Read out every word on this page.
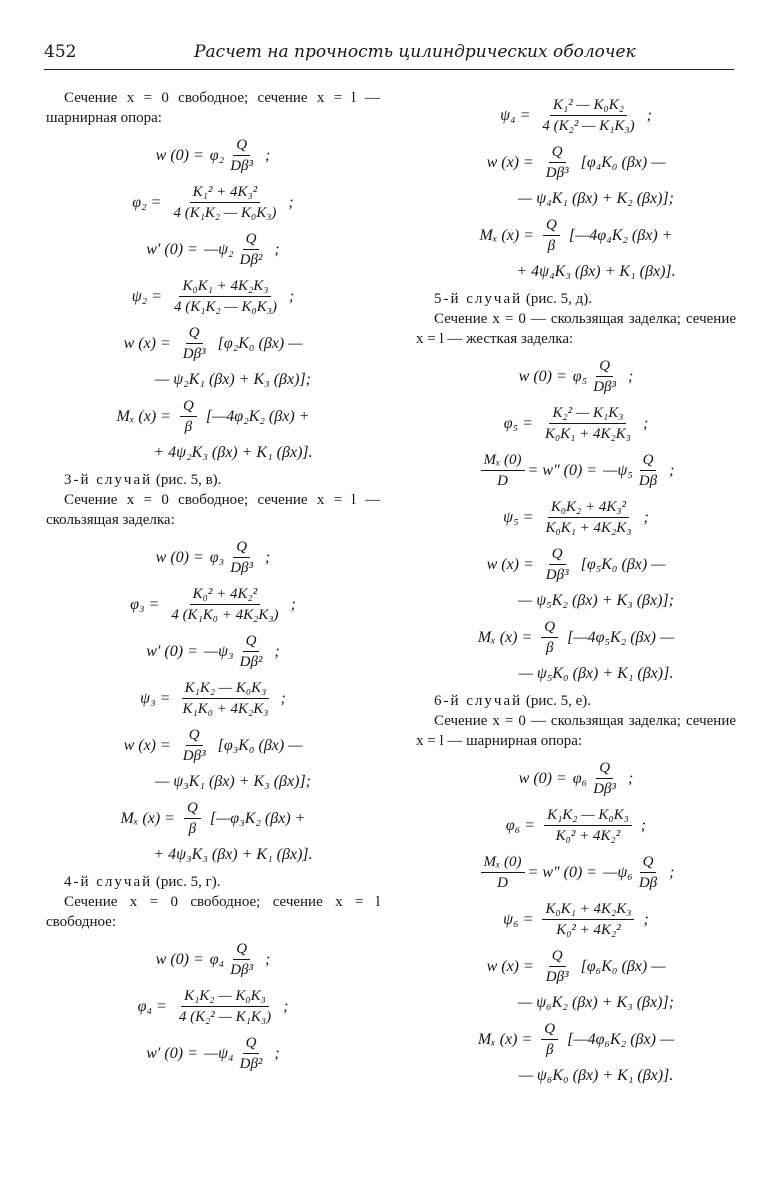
452	Расчет на прочность цилиндрических оболочек
Сечение x = 0 свободное; сечение x = l — шарнирная опора:
w $(0) = \varphi_2 \frac{Q}{\text{Dβ³}}$ ;
$\varphi_2 = \frac{\text{K₁² + 4K₃²}}{\text{4 (K₁K₂ — K₀K₃)}}$ ;
w′ (0) = —ψ₂ $\frac{Q}{\text{Dβ²}}$ ;
$\psi_2 = \frac{\text{K₀K₁ + 4K₂K₃}}{\text{4 (K₁K₂ — K₀K₃)}}$ ;
w $(x) = \frac{Q}{\text{Dβ³}} [\varphi_2K_0$ (βx) —
— ψ₂K₁ (βx) + K₃ (βx)];
Mₓ $(x) = \frac{Q}{\beta}$ [—4φ₂K₂ (βx) +
+ 4ψ₂K₃ (βx) + K₁ (βx)].
3-й случай (рис. 5, в).
Сечение x = 0 свободное; сечение x = l — скользящая заделка:
w $(0) = \varphi_3 \frac{Q}{\text{Dβ³}}$ ;
$\varphi_3 = \frac{\text{K₀² + 4K₂²}}{\text{4 (K₁K₀ + 4K₂K₃)}}$ ;
w′ (0) = —ψ₃ $\frac{Q}{\text{Dβ²}}$ ;
$\psi_3 = \frac{\text{K₁K₂ — K₀K₃}}{\text{K₁K₀ + 4K₂K₃}}$ ;
w $(x) = \frac{Q}{\text{Dβ³}} [\varphi_3K_0$ (βx) —
— ψ₃K₁ (βx) + K₃ (βx)];
Mₓ $(x) = \frac{Q}{\beta}$ [—φ₃K₂ (βx) +
+ 4ψ₃K₃ (βx) + K₁ (βx)].
4-й случай (рис. 5, г).
Сечение x = 0 свободное; сечение x = l свободное:
w $(0) = \varphi_4 \frac{Q}{\text{Dβ³}}$ ;
$\varphi_4 = \frac{\text{K₁K₂ — K₀K₃}}{\text{4 (K₂² — K₁K₃)}}$ ;
w′ (0) = —ψ₄ $\frac{Q}{\text{Dβ²}}$ ;
$\psi_4 = \frac{\text{K₁² — K₀K₂}}{\text{4 (K₂² — K₁K₃)}}$ ;
w $(x) = \frac{Q}{\text{Dβ³}} [\varphi_4K_0$ (βx) —
— ψ₄K₁ (βx) + K₂ (βx)];
Mₓ $(x) = \frac{Q}{\beta}$ [—4φ₄K₂ (βx) +
+ 4ψ₄K₃ (βx) + K₁ (βx)].
5-й случай (рис. 5, д).
Сечение x = 0 — скользящая заделка; сечение x = l — жесткая заделка:
w $(0) = \varphi_5 \frac{Q}{\text{Dβ³}}$ ;
$\varphi_5 = \frac{\text{K₂² — K₁K₃}}{\text{K₀K₁ + 4K₂K₃}}$ ;
$\frac{\text{Mₓ (0)}}{D} = w''$ (0) = —ψ₅ $\frac{Q}{D\beta}$ ;
$\psi_5 = \frac{\text{K₀K₂ + 4K₃²}}{\text{K₀K₁ + 4K₂K₃}}$ ;
w $(x) = \frac{Q}{\text{Dβ³}} [\varphi_5K_0$ (βx) —
— ψ₅K₂ (βx) + K₃ (βx)];
Mₓ $(x) = \frac{Q}{\beta}$ [—4φ₅K₂ (βx) —
— ψ₅K₀ (βx) + K₁ (βx)].
6-й случай (рис. 5, е).
Сечение x = 0 — скользящая заделка; сечение x = l — шарнирная опора:
w $(0) = \varphi_6 \frac{Q}{\text{Dβ³}}$ ;
$\varphi_6 = \frac{\text{K₁K₂ — K₀K₃}}{\text{K₀² + 4K₂²}}$ ;
$\frac{\text{Mₓ (0)}}{D} = w''$ (0) = —ψ₆ $\frac{Q}{D\beta}$ ;
$\psi_6 = \frac{\text{K₀K₁ + 4K₂K₃}}{\text{K₀² + 4K₂²}}$ ;
w $(x) = \frac{Q}{\text{Dβ³}} [\varphi_6K_0$ (βx) —
— ψ₆K₂ (βx) + K₃ (βx)];
Mₓ $(x) = \frac{Q}{\beta}$ [—4φ₆K₂ (βx) —
— ψ₆K₀ (βx) + K₁ (βx)].
